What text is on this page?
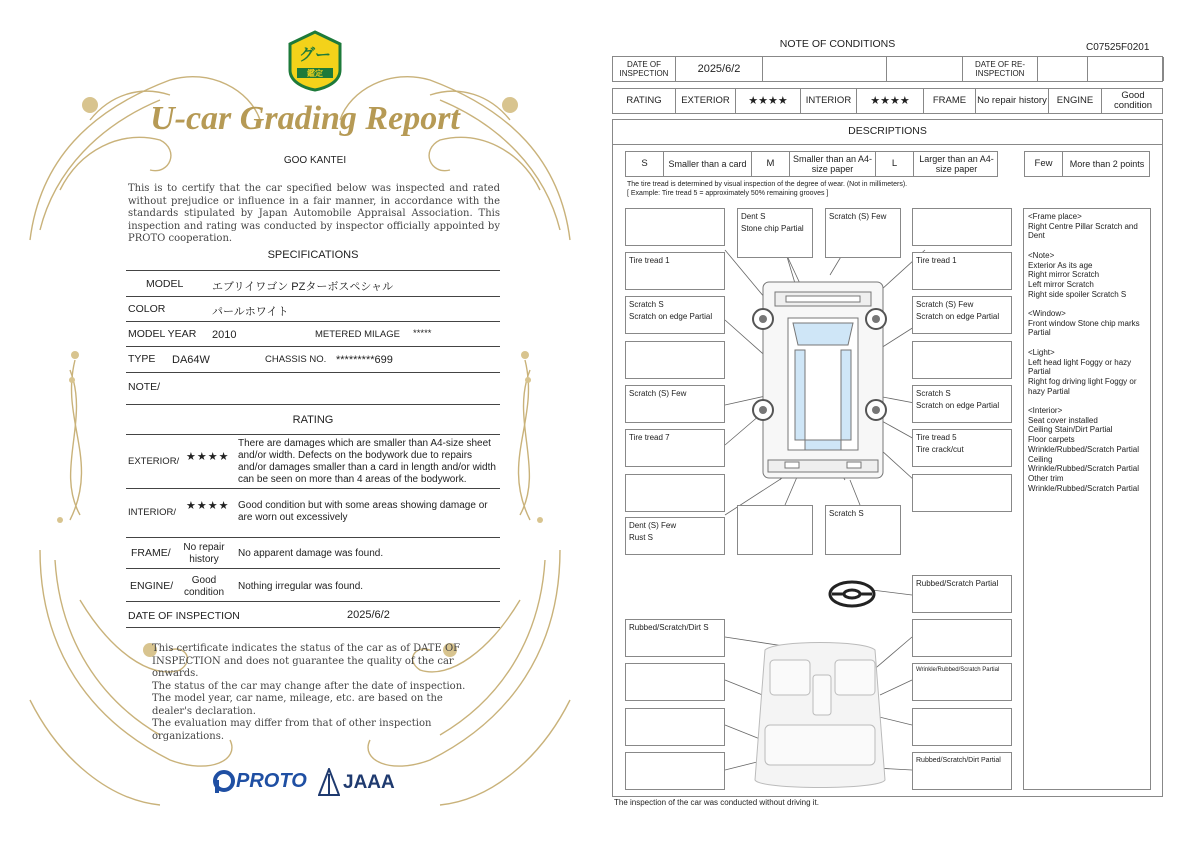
グー
鑑定
U-car Grading Report
GOO KANTEI
This is to certify that the car specified below was inspected and rated without prejudice or influence in a fair manner, in accordance with the standards stipulated by Japan Automobile Appraisal Association. This inspection and rating was conducted by inspector officially appointed by PROTO cooperation.
SPECIFICATIONS
MODEL	エブリイワゴン PZターボスペシャル
COLOR	パールホワイト
MODEL YEAR 2010	METERED MILAGE *****
TYPE DA64W	CHASSIS NO. *********699
NOTE/
RATING
EXTERIOR/ ★★★★
There are damages which are smaller than A4-size sheet and/or width. Defects on the bodywork due to repairs and/or damages smaller than a card in length and/or width can be seen on more than 4 areas of the bodywork.
INTERIOR/
★★★★ Good condition but with some areas showing damage or are worn out excessively
FRAME/	No repair history
No apparent damage was found.
ENGINE/	Good condition
Nothing irregular was found.
DATE OF INSPECTION	2025/6/2
This certificate indicates the status of the car as of DATE OF INSPECTION and does not guarantee the quality of the car onwards.
The status of the car may change after the date of inspection.
The model year, car name, mileage, etc. are based on the dealer's declaration.
The evaluation may differ from that of other inspection organizations.
PROTO JAAA
NOTE OF CONDITIONS	C07525F0201
DATE OF INSPECTION	2025/6/2	DATE OF RE-INSPECTION
RATING	EXTERIOR	★★★★	INTERIOR	★★★★	FRAME	No repair history	ENGINE	Good condition
DESCRIPTIONS
S	Smaller than a card	M	Smaller than an A4-size paper
L	Larger than an A4-size paper
Few	More than 2 points
The tire tread is determined by visual inspection of the degree of wear. (Not in millimeters).
[ Example: Tire tread 5 = approximately 50% remaining grooves ]
Dent S
Stone chip Partial
Scratch (S) Few
Tire tread 1	Tire tread 1
Scratch S
Scratch on edge Partial
Scratch (S) Few
Scratch on edge Partial
Scratch (S) Few	Scratch S
Scratch on edge Partial
Tire tread 7	Tire tread 5
Tire crack/cut
Dent (S) Few
Rust S
Scratch S
Rubbed/Scratch Partial
Rubbed/Scratch/Dirt S
Wrinkle/Rubbed/Scratch Partial
Rubbed/Scratch/Dirt Partial
<Frame place>
Right Centre Pillar Scratch and Dent

<Note>
Exterior As its age
Right mirror Scratch
Left mirror Scratch
Right side spoiler Scratch S

<Window>
Front window Stone chip marks Partial

<Light>
Left head light Foggy or hazy Partial
Right fog driving light Foggy or hazy Partial

<Interior>
Seat cover installed
Ceiling Stain/Dirt Partial
Floor carpets
Wrinkle/Rubbed/Scratch Partial
Ceiling
Wrinkle/Rubbed/Scratch Partial
Other trim
Wrinkle/Rubbed/Scratch Partial
The inspection of the car was conducted without driving it.
